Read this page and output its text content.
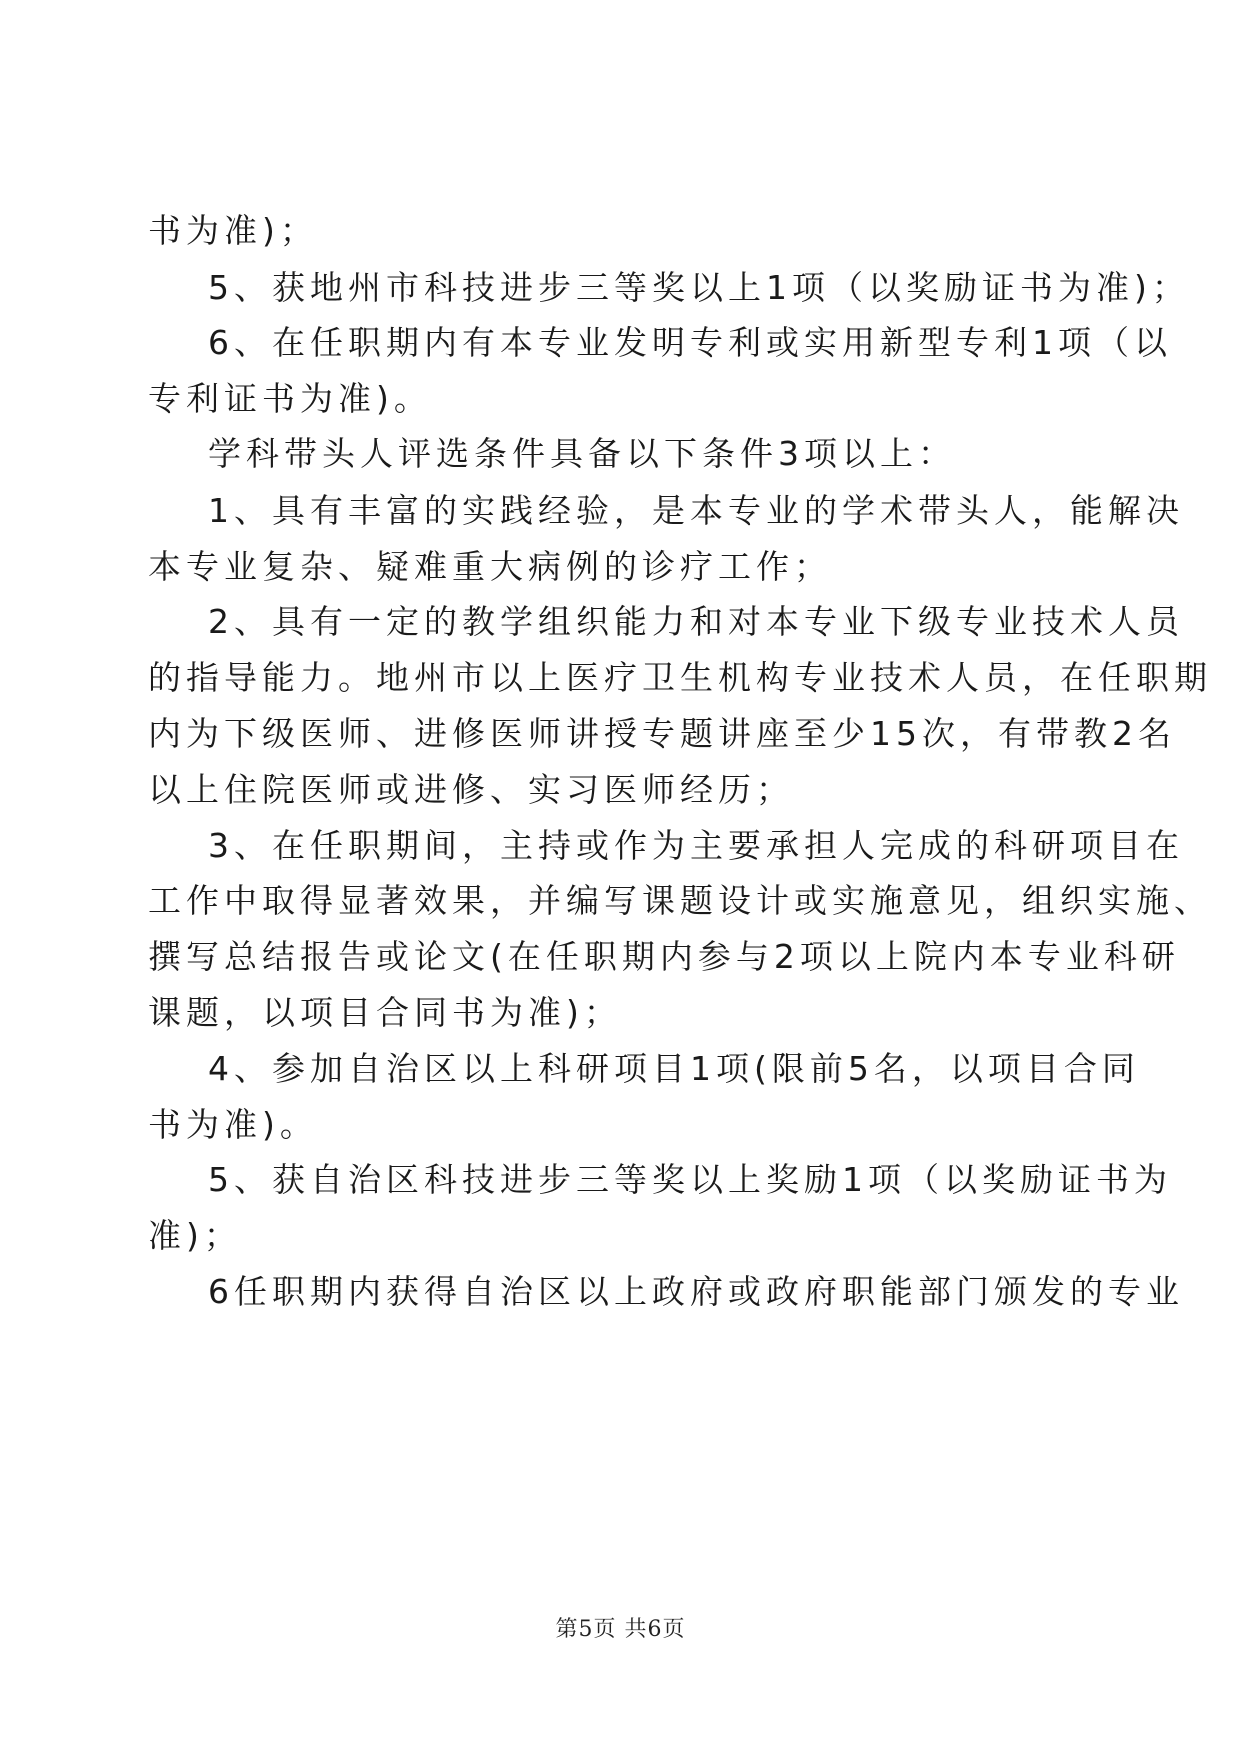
书为准)；

5、获地州市科技进步三等奖以上1项（以奖励证书为准)；

6、在任职期内有本专业发明专利或实用新型专利1项（以

专利证书为准)。

学科带头人评选条件具备以下条件3项以上：

1、具有丰富的实践经验，是本专业的学术带头人，能解决

本专业复杂、疑难重大病例的诊疗工作；

2、具有一定的教学组织能力和对本专业下级专业技术人员

的指导能力。地州市以上医疗卫生机构专业技术人员，在任职期

内为下级医师、进修医师讲授专题讲座至少15次，有带教2名

以上住院医师或进修、实习医师经历；

3、在任职期间，主持或作为主要承担人完成的科研项目在

工作中取得显著效果，并编写课题设计或实施意见，组织实施、

撰写总结报告或论文(在任职期内参与2项以上院内本专业科研

课题，以项目合同书为准)；

4、参加自治区以上科研项目1项(限前5名，以项目合同

书为准)。

5、获自治区科技进步三等奖以上奖励1项（以奖励证书为

准)；

6任职期内获得自治区以上政府或政府职能部门颁发的专业

第5页 共6页
